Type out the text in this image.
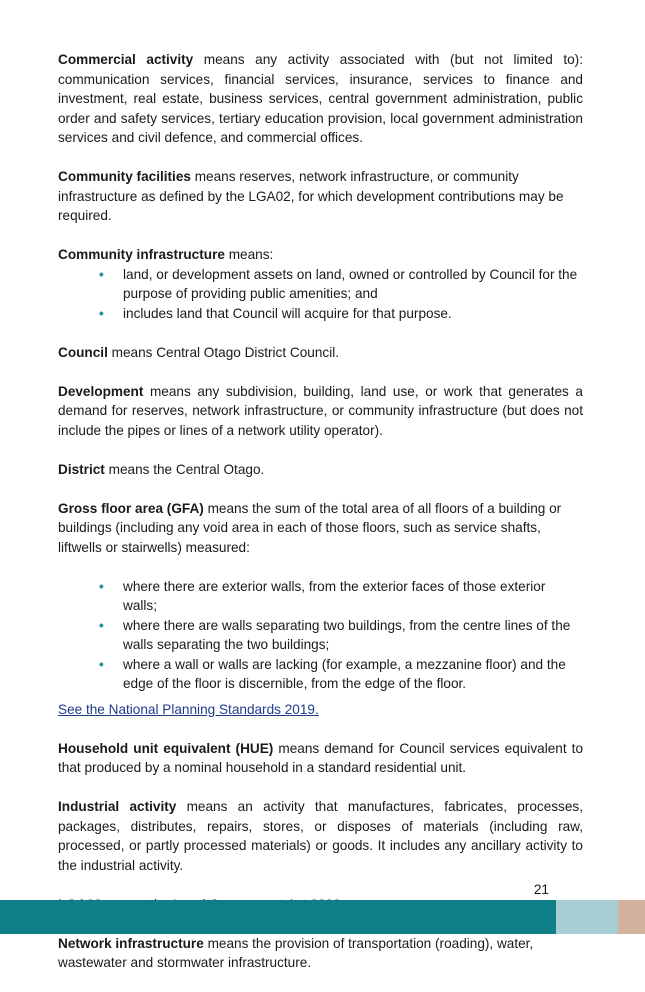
Commercial activity means any activity associated with (but not limited to): communication services, financial services, insurance, services to finance and investment, real estate, business services, central government administration, public order and safety services, tertiary education provision, local government administration services and civil defence, and commercial offices.

Community facilities means reserves, network infrastructure, or community infrastructure as defined by the LGA02, for which development contributions may be required.

Community infrastructure means:

• land, or development assets on land, owned or controlled by Council for the purpose of providing public amenities; and
• includes land that Council will acquire for that purpose.

Council means Central Otago District Council.

Development means any subdivision, building, land use, or work that generates a demand for reserves, network infrastructure, or community infrastructure (but does not include the pipes or lines of a network utility operator).

District means the Central Otago.

Gross floor area (GFA) means the sum of the total area of all floors of a building or buildings (including any void area in each of those floors, such as service shafts, liftwells or stairwells) measured:

• where there are exterior walls, from the exterior faces of those exterior walls;
• where there are walls separating two buildings, from the centre lines of the walls separating the two buildings;
• where a wall or walls are lacking (for example, a mezzanine floor) and the edge of the floor is discernible, from the edge of the floor.

See the National Planning Standards 2019.

Household unit equivalent (HUE) means demand for Council services equivalent to that produced by a nominal household in a standard residential unit.

Industrial activity means an activity that manufactures, fabricates, processes, packages, distributes, repairs, stores, or disposes of materials (including raw, processed, or partly processed materials) or goods. It includes any ancillary activity to the industrial activity.

Network infrastructure means the provision of transportation (roading), water, wastewater and stormwater infrastructure.

21
